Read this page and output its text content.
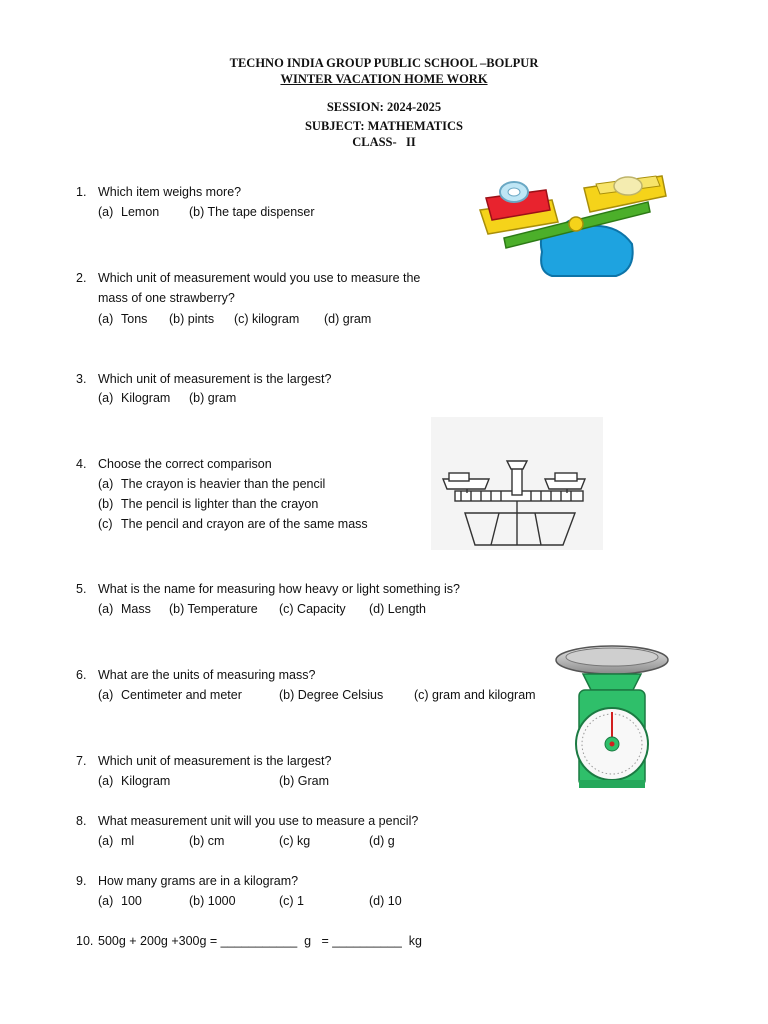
TECHNO INDIA GROUP PUBLIC SCHOOL –BOLPUR
WINTER VACATION HOME WORK
SESSION: 2024-2025
SUBJECT: MATHEMATICS
CLASS-   II
1. Which item weighs more?
(a) Lemon (b) The tape dispenser
2. Which unit of measurement would you use to measure the
mass of one strawberry?
(a) Tons (b) pints (c) kilogram (d) gram
3. Which unit of measurement is the largest?
(a) Kilogram (b) gram
4. Choose the correct comparison
(a) The crayon is heavier than the pencil
(b) The pencil is lighter than the crayon
(c) The pencil and crayon are of the same mass
5. What is the name for measuring how heavy or light something is?
(a) Mass (b) Temperature (c) Capacity (d) Length
6. What are the units of measuring mass?
(a) Centimeter and meter	(b) Degree Celsius (c) gram and kilogram
7. Which unit of measurement is the largest?
(a) Kilogram	(b) Gram
8. What measurement unit will you use to measure a pencil?
(a) ml	(b) cm	(c) kg	(d) g
9. How many grams are in a kilogram?
(a) 100	(b) 1000	(c) 1	(d) 10
10. 500g + 200g +300g = ___________  g   = __________  kg
